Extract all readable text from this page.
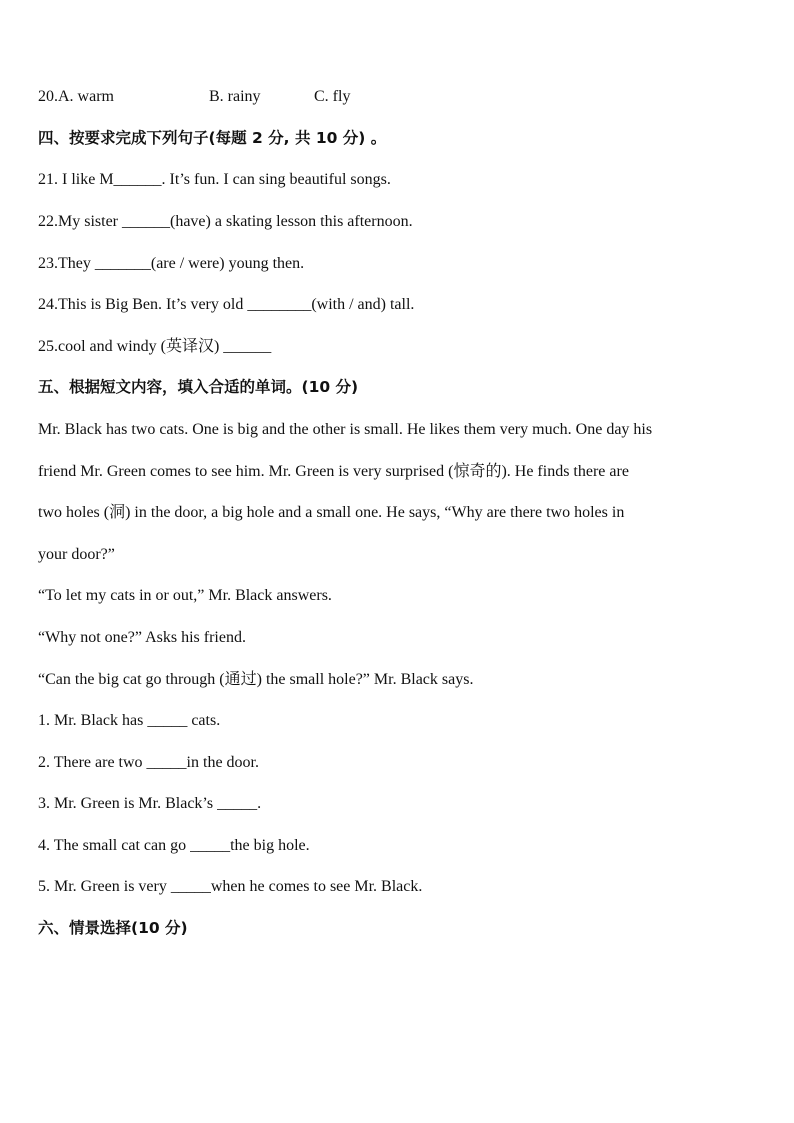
20.A. warm	B. rainy	C. fly
四、按要求完成下列句子(每题 2 分, 共 10 分) 。
21. I like M______. It’s fun. I can sing beautiful songs.
22.My sister ______(have) a skating lesson this afternoon.
23.They _______(are / were) young then.
24.This is Big Ben. It’s very old ________(with / and) tall.
25.cool and windy (英译汉) ______
五、根据短文内容，填入合适的单词。(10 分)
Mr. Black has two cats. One is big and the other is small. He likes them very much. One day his
friend Mr. Green comes to see him. Mr. Green is very surprised (惊奇的). He finds there are
two holes (洞) in the door, a big hole and a small one. He says, “Why are there two holes in
your door?”
“To let my cats in or out,” Mr. Black answers.
“Why not one?” Asks his friend.
“Can the big cat go through (通过) the small hole?” Mr. Black says.
1. Mr. Black has _____ cats.
2. There are two _____in the door.
3. Mr. Green is Mr. Black’s _____.
4. The small cat can go _____the big hole.
5. Mr. Green is very _____when he comes to see Mr. Black.
六、情景选择(10 分)
